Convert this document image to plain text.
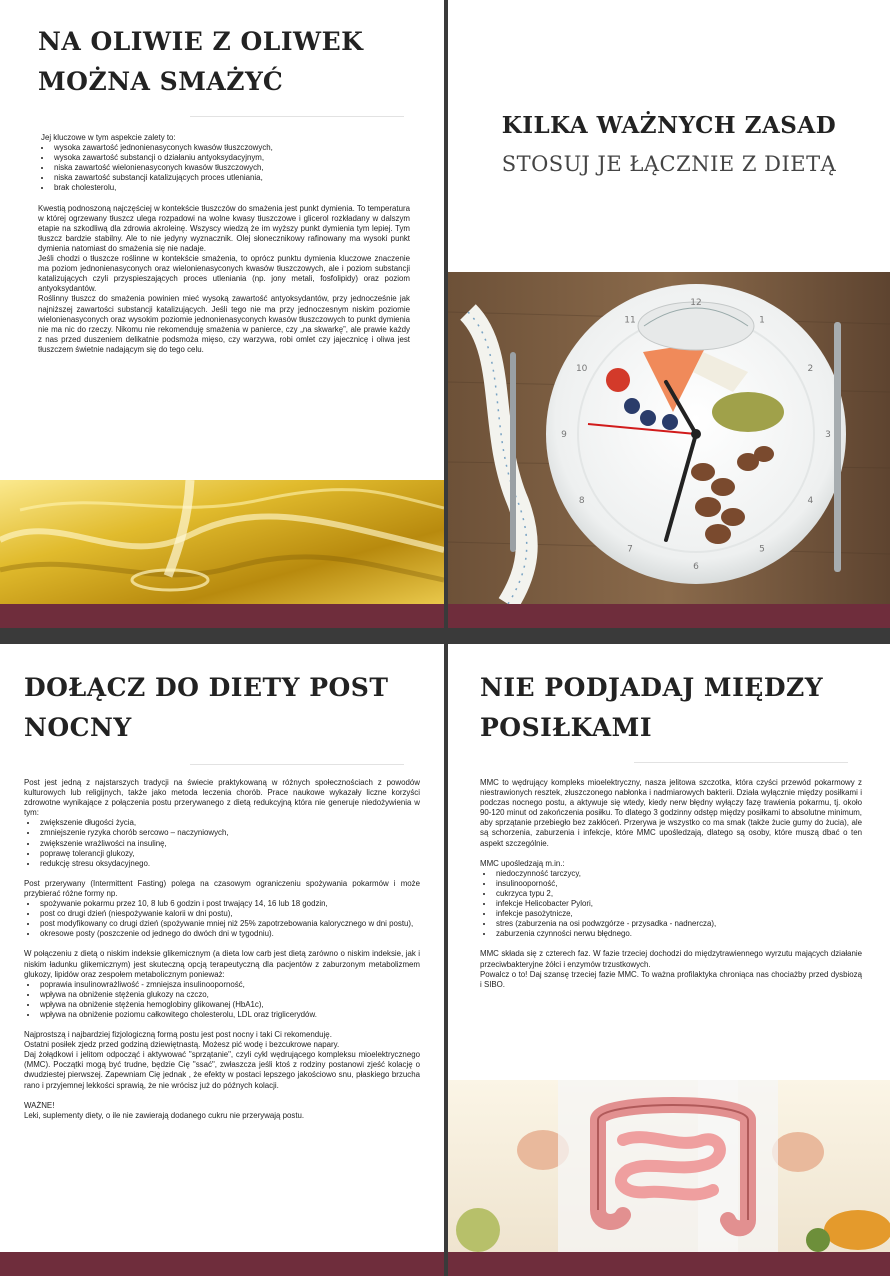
NA OLIWIE Z OLIWEK
MOŻNA SMAŻYĆ

Jej kluczowe w tym aspekcie zalety to:

• wysoka zawartość jednonienasyconych kwasów tłuszczowych,
• wysoka zawartość substancji o działaniu antyoksydacyjnym,
• niska zawartość wielonienasyconych kwasów tłuszczowych,
• niska zawartość substancji katalizujących proces utleniania,
• brak cholesterolu,

Kwestią podnoszoną najczęściej w kontekście tłuszczów do smażenia jest punkt dymienia. To temperatura w której ogrzewany tłuszcz ulega rozpadowi na wolne kwasy tłuszczowe i glicerol rozkładany w dalszym etapie na szkodliwą dla zdrowia akroleinę. Wszyscy wiedzą że im wyższy punkt dymienia tym lepiej. Tym tłuszcz bardzie stabilny. Ale to nie jedyny wyznacznik. Olej słonecznikowy rafinowany ma wysoki punkt dymienia natomiast do smażenia się nie nadaje.

Jeśli chodzi o tłuszcze roślinne w kontekście smażenia, to oprócz punktu dymienia kluczowe znaczenie ma poziom jednonienasyconych oraz wielonienasyconych kwasów tłuszczowych, ale i poziom substancji katalizujących czyli przyspieszających proces utleniania (np. jony metali, fosfolipidy) oraz poziom antyoksydantów.

Roślinny tłuszcz do smażenia powinien mieć wysoką zawartość antyoksydantów, przy jednocześnie jak najniższej zawartości substancji katalizujących. Jeśli tego nie ma przy jednoczesnym niskim poziomie wielonienasyconych oraz wysokim poziomie jednonienasyconych kwasów tłuszczowych to punkt dymienia nie ma nic do rzeczy. Nikomu nie rekomenduję smażenia w panierce, czy „na skwarkę”, ale prawie każdy z nas przed duszeniem delikatnie podsmoża mięso, czy warzywa, robi omlet czy jajecznicę i oliwa jest tłuszczem świetnie nadającym się do tego celu.

KILKA WAŻNYCH ZASAD
STOSUJ JE ŁĄCZNIE Z DIETĄ
12
1
2
3
4
5
6
7
8
9
10
11
DOŁĄCZ DO DIETY POST
NOCNY

Post jest jedną z najstarszych tradycji na świecie praktykowaną w różnych społecznościach z powodów kulturowych lub religijnych, także jako metoda leczenia chorób. Prace naukowe wykazały liczne korzyści zdrowotne wynikające z połączenia postu przerywanego z dietą redukcyjną która nie generuje niedożywienia w tym:

• zwiększenie długości życia,
• zmniejszenie ryzyka chorób sercowo – naczyniowych,
• zwiększenie wrażliwości na insulinę,
• poprawę tolerancji glukozy,
• redukcję stresu oksydacyjnego.

Post przerywany (Intermittent Fasting) polega na czasowym ograniczeniu spożywania pokarmów i może przybierać różne formy np.

• spożywanie pokarmu przez 10, 8 lub 6 godzin i post trwający 14, 16 lub 18 godzin,
• post co drugi dzień (niespożywanie kalorii w dni postu),
• post modyfikowany co drugi dzień (spożywanie mniej niż 25% zapotrzebowania kalorycznego w dni postu),
• okresowe posty (poszczenie od jednego do dwóch dni w tygodniu).

W połączeniu z dietą o niskim indeksie glikemicznym (a dieta low carb jest dietą zarówno o niskim indeksie, jak i niskim ładunku glikemicznym) jest skuteczną opcją terapeutyczną dla pacjentów z zaburzonym metabolizmem glukozy, lipidów oraz zespołem metabolicznym ponieważ:

• poprawia insulinowrażliwość - zmniejsza insulinooporność,
• wpływa na obniżenie stężenia glukozy na czczo,
• wpływa na obniżenie stężenia hemoglobiny glikowanej (HbA1c),
• wpływa na obniżenie poziomu całkowitego cholesterolu, LDL oraz triglicerydów.

Najprostszą i najbardziej fizjologiczną formą postu jest post nocny i taki Ci rekomenduję.

Ostatni posiłek zjedz przed godziną dziewiętnastą. Możesz pić wodę i bezcukrowe napary.

Daj żołądkowi i jelitom odpocząć i aktywować "sprzątanie", czyli cykl wędrującego kompleksu mioelektrycznego (MMC). Początki mogą być trudne, będzie Cię "ssać", zwłaszcza jeśli ktoś z rodziny postanowi zjeść kolację o dwudziestej pierwszej. Zapewniam Cię jednak , że efekty w postaci lepszego jakościowo snu, płaskiego brzucha rano i przyjemnej lekkości sprawią, że nie wrócisz już do późnych kolacji.

WAŻNE!

Leki, suplementy diety, o ile nie zawierają dodanego cukru nie przerywają postu.

NIE PODJADAJ MIĘDZY
POSIŁKAMI

MMC to wędrujący kompleks mioelektryczny, nasza jelitowa szczotka, która czyści przewód pokarmowy z niestrawionych resztek, złuszczonego nabłonka i nadmiarowych bakterii. Działa wyłącznie między posiłkami i podczas nocnego postu, a aktywuje się wtedy, kiedy nerw błędny wyłączy fazę trawienia pokarmu, tj. około 90-120 minut od zakończenia posiłku. To dlatego 3 godzinny odstęp między posiłkami to absolutne minimum, aby sprzątanie przebiegło bez zakłóceń. Przerywa je wszystko co ma smak (także żucie gumy do żucia), ale są schorzenia, zaburzenia i infekcje, które MMC upośledzają, dlatego są osoby, które muszą dbać o ten aspekt szczególnie.

MMC upośledzają m.in.:

• niedoczynność tarczycy,
• insulinooporność,
• cukrzyca typu 2,
• infekcje Helicobacter Pylori,
• infekcje pasożytnicze,
• stres (zaburzenia na osi podwzgórze - przysadka - nadnercza),
• zaburzenia czynności nerwu błędnego.

MMC składa się z czterech faz. W fazie trzeciej dochodzi do międzytrawiennego wyrzutu mających działanie przeciwbakteryjne żółci i enzymów trzustkowych.

Powalcz o to! Daj szansę trzeciej fazie MMC. To ważna profilaktyka chroniąca nas chociażby przed dysbiozą i SIBO.
